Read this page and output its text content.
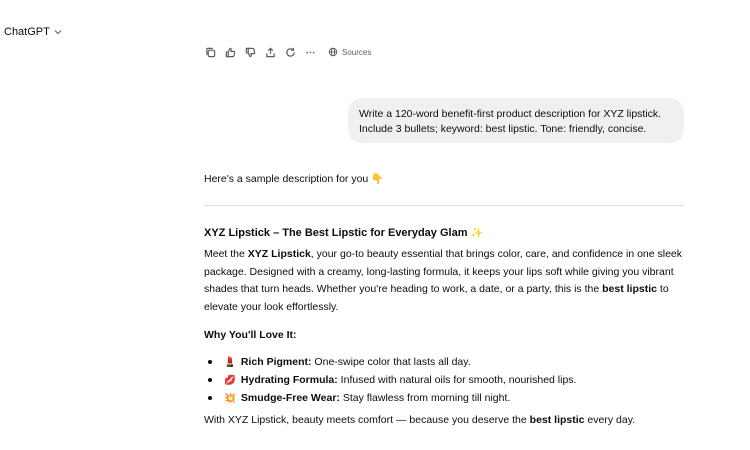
ChatGPT
Sources
Write a 120-word benefit-first product description for XYZ lipstick.
Include 3 bullets; keyword: best lipstic. Tone: friendly, concise.
Here's a sample description for you 👇
XYZ Lipstick – The Best Lipstic for Everyday Glam ✨
Meet the XYZ Lipstick, your go-to beauty essential that brings color, care, and confidence in one sleek package. Designed with a creamy, long-lasting formula, it keeps your lips soft while giving you vibrant shades that turn heads. Whether you're heading to work, a date, or a party, this is the best lipstic to elevate your look effortlessly.
Why You'll Love It:
💄 Rich Pigment: One-swipe color that lasts all day.
💋 Hydrating Formula: Infused with natural oils for smooth, nourished lips.
💥 Smudge-Free Wear: Stay flawless from morning till night.
With XYZ Lipstick, beauty meets comfort — because you deserve the best lipstic every day.
